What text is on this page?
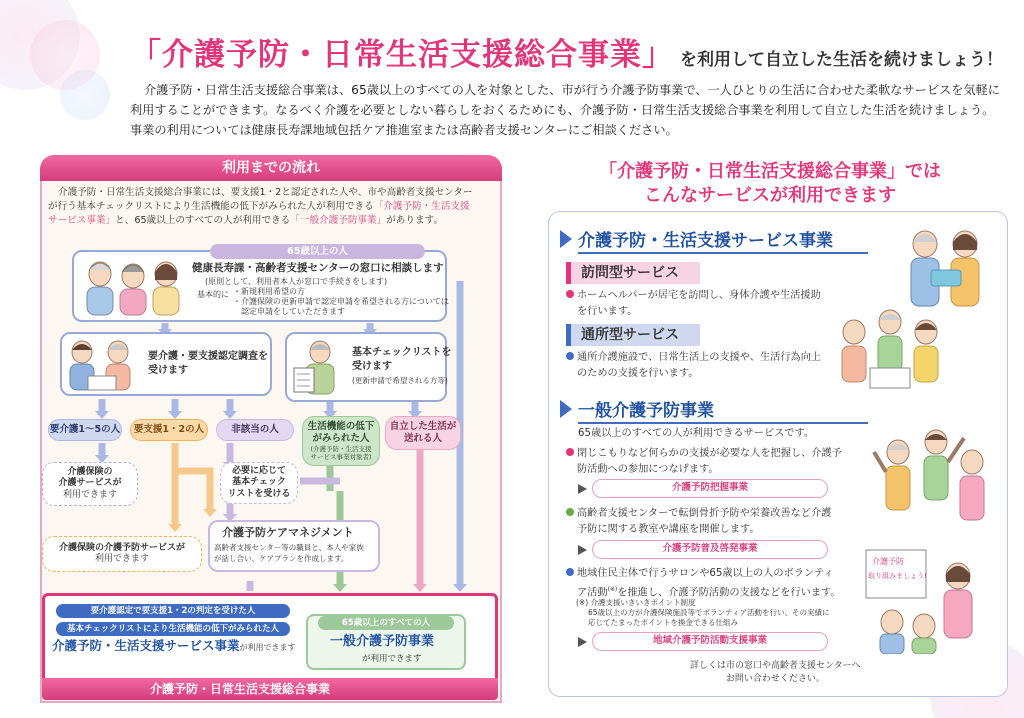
「介護予防・日常生活支援総合事業」 を利用して自立した生活を続けましょう！

介護予防・日常生活支援総合事業は、65歳以上のすべての人を対象とした、市が行う介護予防事業で、一人ひとりの生活に合わせた柔軟なサービスを気軽に

利用することができます。なるべく介護を必要としない暮らしをおくるためにも、介護予防・日常生活支援総合事業を利用して自立した生活を続けましょう。

事業の利用については健康長寿課地域包括ケア推進室または高齢者支援センターにご相談ください。

利用までの流れ
介護予防・日常生活支援総合事業には、要支援1・2と認定された人や、市や高齢者支援センター
が行う基本チェックリストにより生活機能の低下がみられた人が利用できる「介護予防・生活支援
サービス事業」と、65歳以上のすべての人が利用できる「一般介護予防事業」があります。
65歳以上の人
健康長寿課・高齢者支援センターの窓口に相談します
(原則として、利用者本人が窓口で手続きをします)
基本的に ・新規利用希望の方
・介護保険の更新申請で認定申請を希望される方については
　認定申請をしていただきます
要介護・要支援認定調査を
受けます
基本チェックリストを
受けます
(更新申請で希望される方等)
要介護1〜5の人	要支援1・2の人	非該当の人	生活機能の低下
がみられた人
(介護予防・生活支援
サービス事業対象者)
自立した生活が
送れる人
介護保険の
介護サービスが
利用できます
必要に応じて
基本チェック
リストを受ける
介護保険の介護予防サービスが
利用できます
介護予防ケアマネジメント
高齢者支援センター等の職員と、本人や家族
が話し合い、ケアプランを作成します。
要介護認定で要支援1・2の判定を受けた人
基本チェックリストにより生活機能の低下がみられた人
介護予防・生活支援サービス事業が利用できます
65歳以上のすべての人
一般介護予防事業
が利用できます
介護予防・日常生活支援総合事業
「介護予防・日常生活支援総合事業」では
こんなサービスが利用できます
介護予防・生活支援サービス事業
訪問型サービス
ホームヘルパーが居宅を訪問し、身体介護や生活援助
を行います。
通所型サービス
通所介護施設で、日常生活上の支援や、生活行為向上
のための支援を行います。
一般介護予防事業
65歳以上のすべての人が利用できるサービスです。
閉じこもりなど何らかの支援が必要な人を把握し、介護予
防活動への参加につなげます。
介護予防把握事業
高齢者支援センターで転倒骨折予防や栄養改善など介護
予防に関する教室や講座を開催します。
介護予防普及啓発事業
地域住民主体で行うサロンや65歳以上の人のボランティ
ア活動(※)を推進し、介護予防活動の支援などを行います。
(※) 介護支援いきいきポイント制度
65歳以上の方が介護保険施設等でボランティア活動を行い、その実績に
応じてたまったポイントを換金できる仕組み
地域介護予防活動支援事業
詳しくは市の窓口や高齢者支援センターへ
お問い合わせください。
介護予防
取り組みましょう!
